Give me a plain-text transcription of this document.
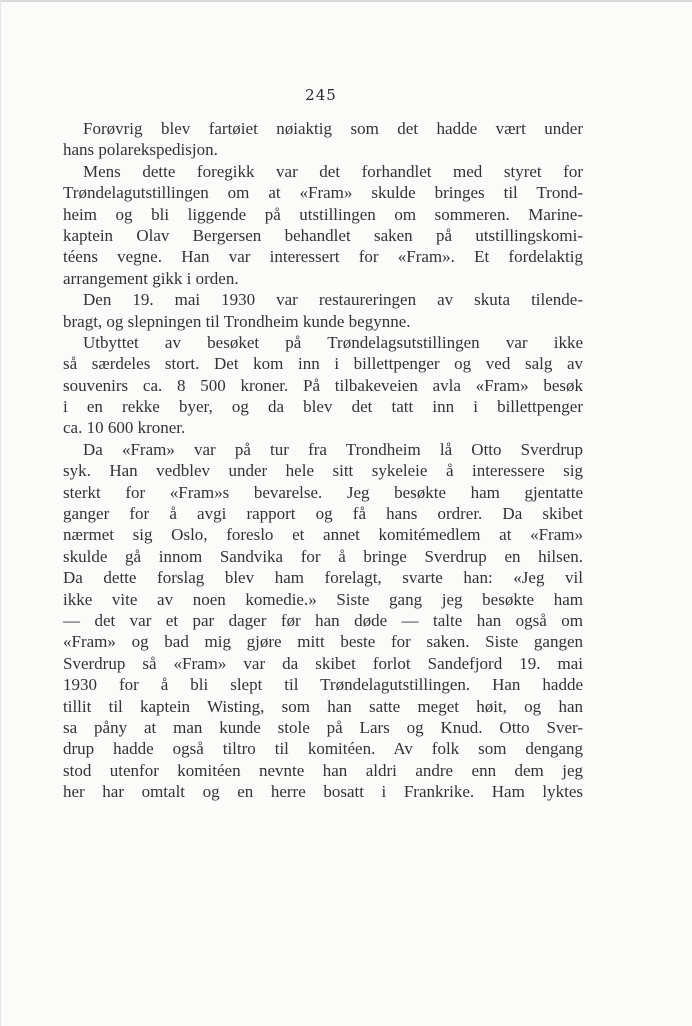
245
Forøvrig blev fartøiet nøiaktig som det hadde vært under
hans polarekspedisjon.
Mens dette foregikk var det forhandlet med styret for
Trøndelagutstillingen om at «Fram» skulde bringes til Trond-
heim og bli liggende på utstillingen om sommeren. Marine-
kaptein Olav Bergersen behandlet saken på utstillingskomi-
téens vegne. Han var interessert for «Fram». Et fordelaktig
arrangement gikk i orden.
Den 19. mai 1930 var restaureringen av skuta tilende-
bragt, og slepningen til Trondheim kunde begynne.
Utbyttet av besøket på Trøndelagsutstillingen var ikke
så særdeles stort. Det kom inn i billettpenger og ved salg av
souvenirs ca. 8 500 kroner. På tilbakeveien avla «Fram» besøk
i en rekke byer, og da blev det tatt inn i billettpenger
ca. 10 600 kroner.
Da «Fram» var på tur fra Trondheim lå Otto Sverdrup
syk. Han vedblev under hele sitt sykeleie å interessere sig
sterkt for «Fram»s bevarelse. Jeg besøkte ham gjentatte
ganger for å avgi rapport og få hans ordrer. Da skibet
nærmet sig Oslo, foreslo et annet komitémedlem at «Fram»
skulde gå innom Sandvika for å bringe Sverdrup en hilsen.
Da dette forslag blev ham forelagt, svarte han: «Jeg vil
ikke vite av noen komedie.» Siste gang jeg besøkte ham
— det var et par dager før han døde — talte han også om
«Fram» og bad mig gjøre mitt beste for saken. Siste gangen
Sverdrup så «Fram» var da skibet forlot Sandefjord 19. mai
1930 for å bli slept til Trøndelagutstillingen. Han hadde
tillit til kaptein Wisting, som han satte meget høit, og han
sa påny at man kunde stole på Lars og Knud. Otto Sver-
drup hadde også tiltro til komitéen. Av folk som dengang
stod utenfor komitéen nevnte han aldri andre enn dem jeg
her har omtalt og en herre bosatt i Frankrike. Ham lyktes
